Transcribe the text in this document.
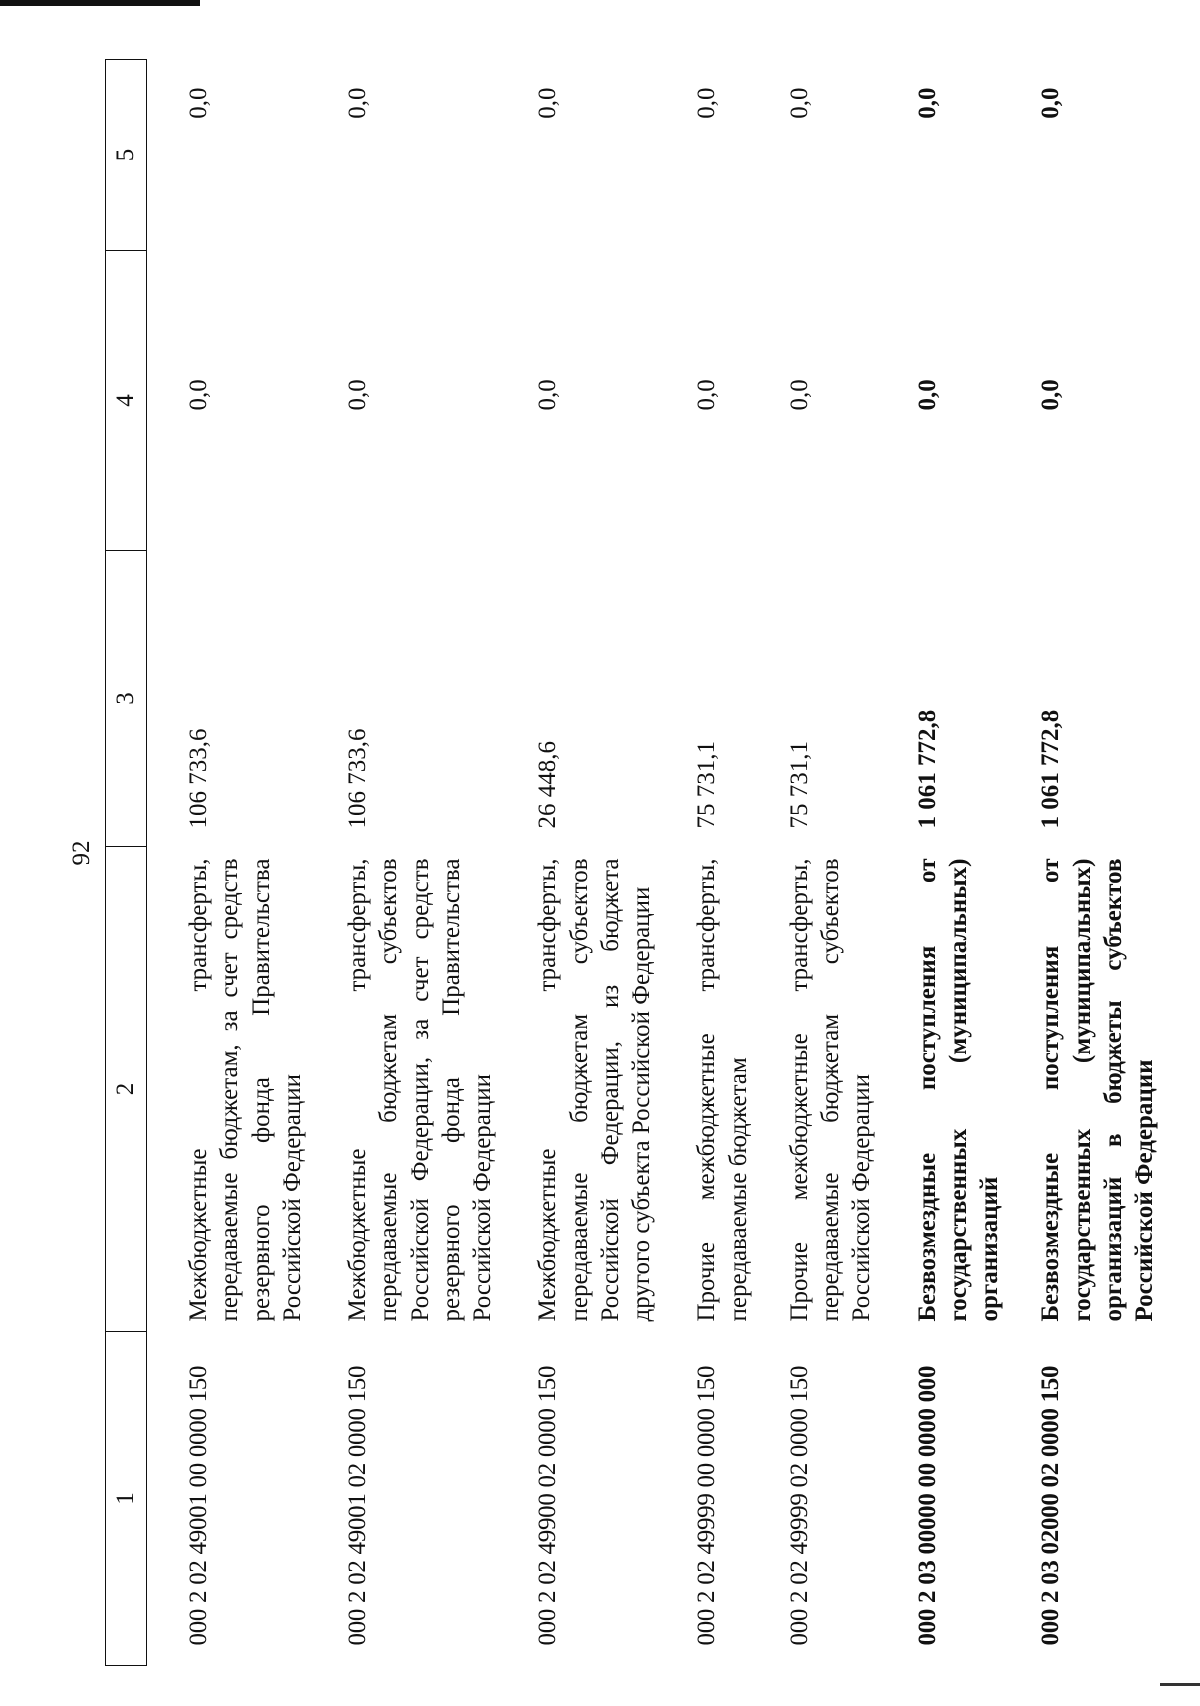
92
1	2	3	4	5
000 2 02 49001 00 0000 150	Межбюджетные трансферты, передаваемые бюджетам, за счет средств резервного фонда Правительства Российской Федерации	106 733,6	0,0	0,0
000 2 02 49001 02 0000 150	Межбюджетные трансферты, передаваемые бюджетам субъектов Российской Федерации, за счет средств резервного фонда Правительства Российской Федерации	106 733,6	0,0	0,0
000 2 02 49900 02 0000 150	Межбюджетные трансферты, передаваемые бюджетам субъектов Российской Федерации, из бюджета другого субъекта Российской Федерации	26 448,6	0,0	0,0
000 2 02 49999 00 0000 150	Прочие межбюджетные трансферты, передаваемые бюджетам	75 731,1	0,0	0,0
000 2 02 49999 02 0000 150	Прочие межбюджетные трансферты, передаваемые бюджетам субъектов Российской Федерации	75 731,1	0,0	0,0
000 2 03 00000 00 0000 000	Безвозмездные поступления от государственных (муниципальных) организаций	1 061 772,8	0,0	0,0
000 2 03 02000 02 0000 150	Безвозмездные поступления от государственных (муниципальных) организаций в бюджеты субъектов Российской Федерации	1 061 772,8	0,0	0,0
